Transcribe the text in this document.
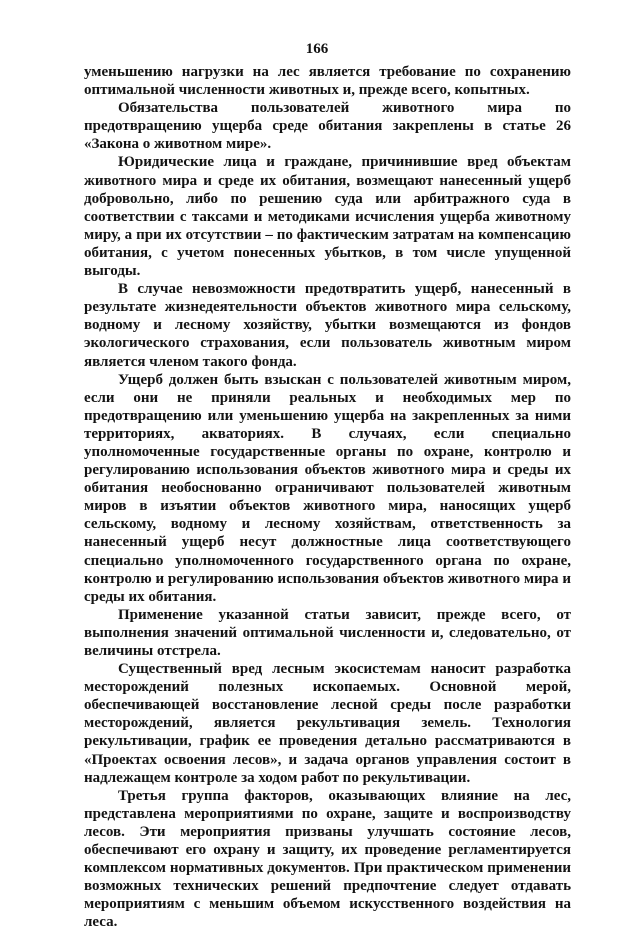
166

уменьшению нагрузки на лес является требование по сохранению оптимальной численности животных и, прежде всего, копытных.

Обязательства пользователей животного мира по предотвращению ущерба среде обитания закреплены в статье 26 «Закона о животном мире».

Юридические лица и граждане, причинившие вред объектам животного мира и среде их обитания, возмещают нанесенный ущерб добровольно, либо по решению суда или арбитражного суда в соответствии с таксами и методиками исчисления ущерба животному миру, а при их отсутствии – по фактическим затратам на компенсацию обитания, с учетом понесенных убытков, в том числе упущенной выгоды.

В случае невозможности предотвратить ущерб, нанесенный в результате жизнедеятельности объектов животного мира сельскому, водному и лесному хозяйству, убытки возмещаются из фондов экологического страхования, если пользователь животным миром является членом такого фонда.

Ущерб должен быть взыскан с пользователей животным миром, если они не приняли реальных и необходимых мер по предотвращению или уменьшению ущерба на закрепленных за ними территориях, акваториях. В случаях, если специально уполномоченные государственные органы по охране, контролю и регулированию использования объектов животного мира и среды их обитания необоснованно ограничивают пользователей животным миров в изъятии объектов животного мира, наносящих ущерб сельскому, водному и лесному хозяйствам, ответственность за нанесенный ущерб несут должностные лица соответствующего специально уполномоченного государственного органа по охране, контролю и регулированию использования объектов животного мира и среды их обитания.

Применение указанной статьи зависит, прежде всего, от выполнения значений оптимальной численности и, следовательно, от величины отстрела.

Существенный вред лесным экосистемам наносит разработка месторождений полезных ископаемых. Основной мерой, обеспечивающей восстановление лесной среды после разработки месторождений, является рекультивация земель. Технология рекультивации, график ее проведения детально рассматриваются в «Проектах освоения лесов», и задача органов управления состоит в надлежащем контроле за ходом работ по рекультивации.

Третья группа факторов, оказывающих влияние на лес, представлена мероприятиями по охране, защите и воспроизводству лесов. Эти мероприятия призваны улучшать состояние лесов, обеспечивают его охрану и защиту, их проведение регламентируется комплексом нормативных документов. При практическом применении возможных технических решений предпочтение следует отдавать мероприятиям с меньшим объемом искусственного воздействия на леса.
